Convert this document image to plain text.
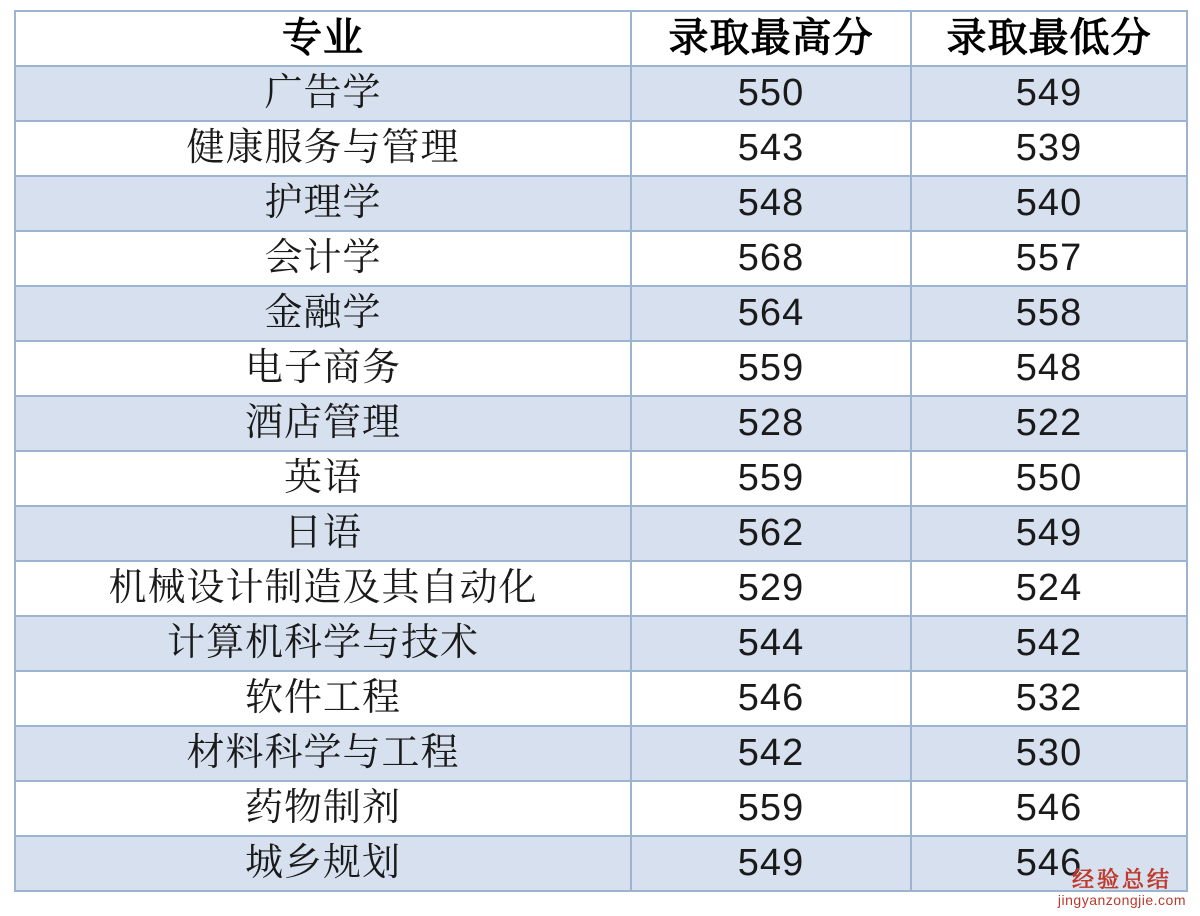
专业	录取最高分	录取最低分
广告学	550	549
健康服务与管理	543	539
护理学	548	540
会计学	568	557
金融学	564	558
电子商务	559	548
酒店管理	528	522
英语	559	550
日语	562	549
机械设计制造及其自动化	529	524
计算机科学与技术	544	542
软件工程	546	532
材料科学与工程	542	530
药物制剂	559	546
城乡规划	549	546
经验总结
jingyanzongjie.com
